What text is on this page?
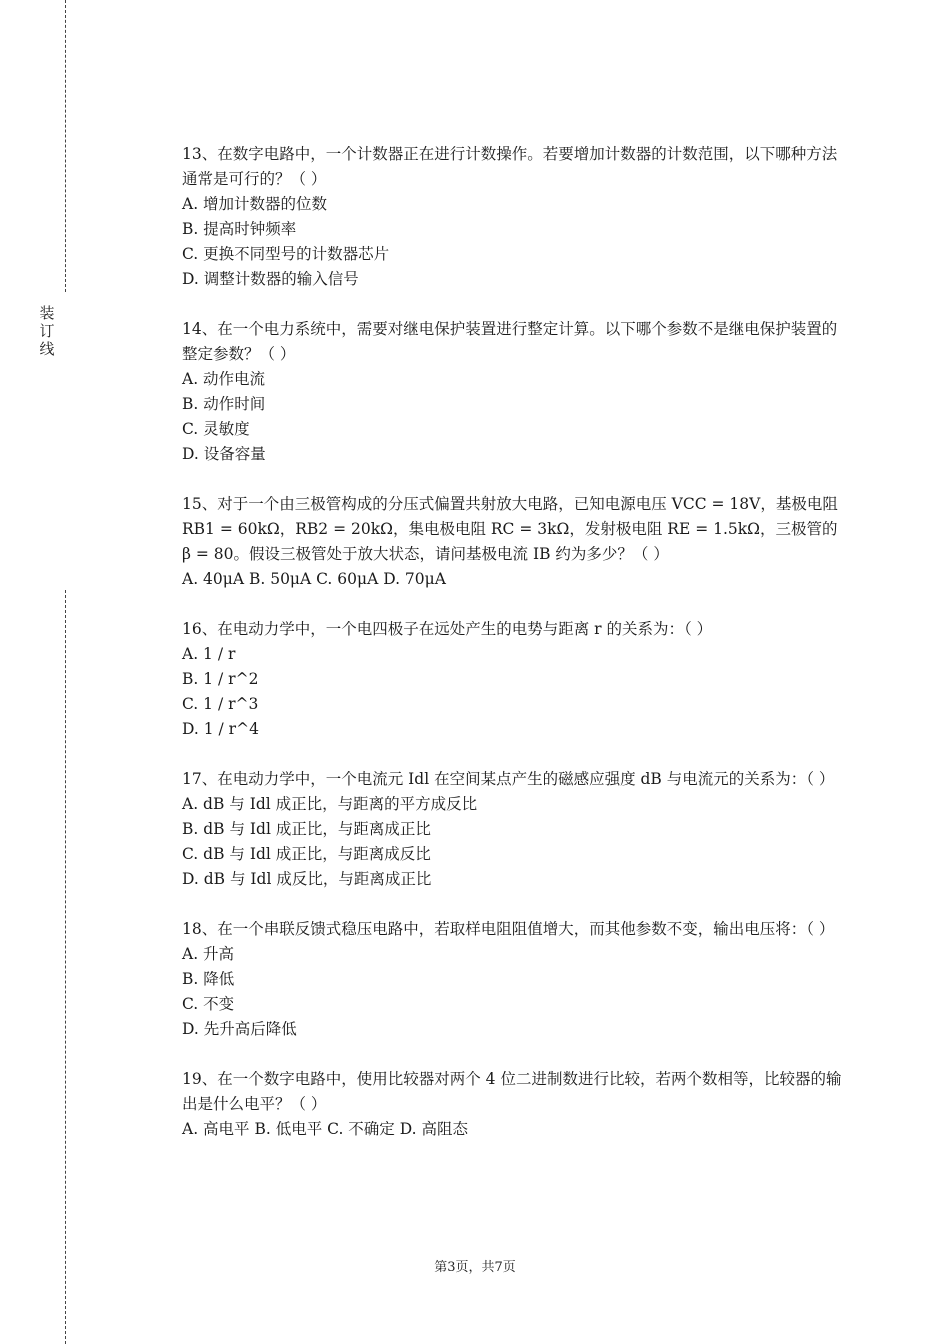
装
订
线

13、在数字电路中，一个计数器正在进行计数操作。若要增加计数器的计数范围，以下哪种方法通常是可行的？（ ）

A. 增加计数器的位数

B. 提高时钟频率

C. 更换不同型号的计数器芯片

D. 调整计数器的输入信号

14、在一个电力系统中，需要对继电保护装置进行整定计算。以下哪个参数不是继电保护装置的整定参数？（ ）

A. 动作电流

B. 动作时间

C. 灵敏度

D. 设备容量

15、对于一个由三极管构成的分压式偏置共射放大电路，已知电源电压 VCC = 18V，基极电阻 RB1 = 60kΩ，RB2 = 20kΩ，集电极电阻 RC = 3kΩ，发射极电阻 RE = 1.5kΩ，三极管的 β = 80。假设三极管处于放大状态，请问基极电流 IB 约为多少？（ ）

A. 40μA B. 50μA C. 60μA D. 70μA

16、在电动力学中，一个电四极子在远处产生的电势与距离 r 的关系为：（ ）

A. 1 / r

B. 1 / r^2

C. 1 / r^3

D. 1 / r^4

17、在电动力学中，一个电流元 Idl 在空间某点产生的磁感应强度 dB 与电流元的关系为：（ ）

A. dB 与 Idl 成正比，与距离的平方成反比

B. dB 与 Idl 成正比，与距离成正比

C. dB 与 Idl 成正比，与距离成反比

D. dB 与 Idl 成反比，与距离成正比

18、在一个串联反馈式稳压电路中，若取样电阻阻值增大，而其他参数不变，输出电压将：（ ）

A. 升高

B. 降低

C. 不变

D. 先升高后降低

19、在一个数字电路中，使用比较器对两个 4 位二进制数进行比较，若两个数相等，比较器的输出是什么电平？（ ）

A. 高电平 B. 低电平 C. 不确定 D. 高阻态

第3页，共7页
